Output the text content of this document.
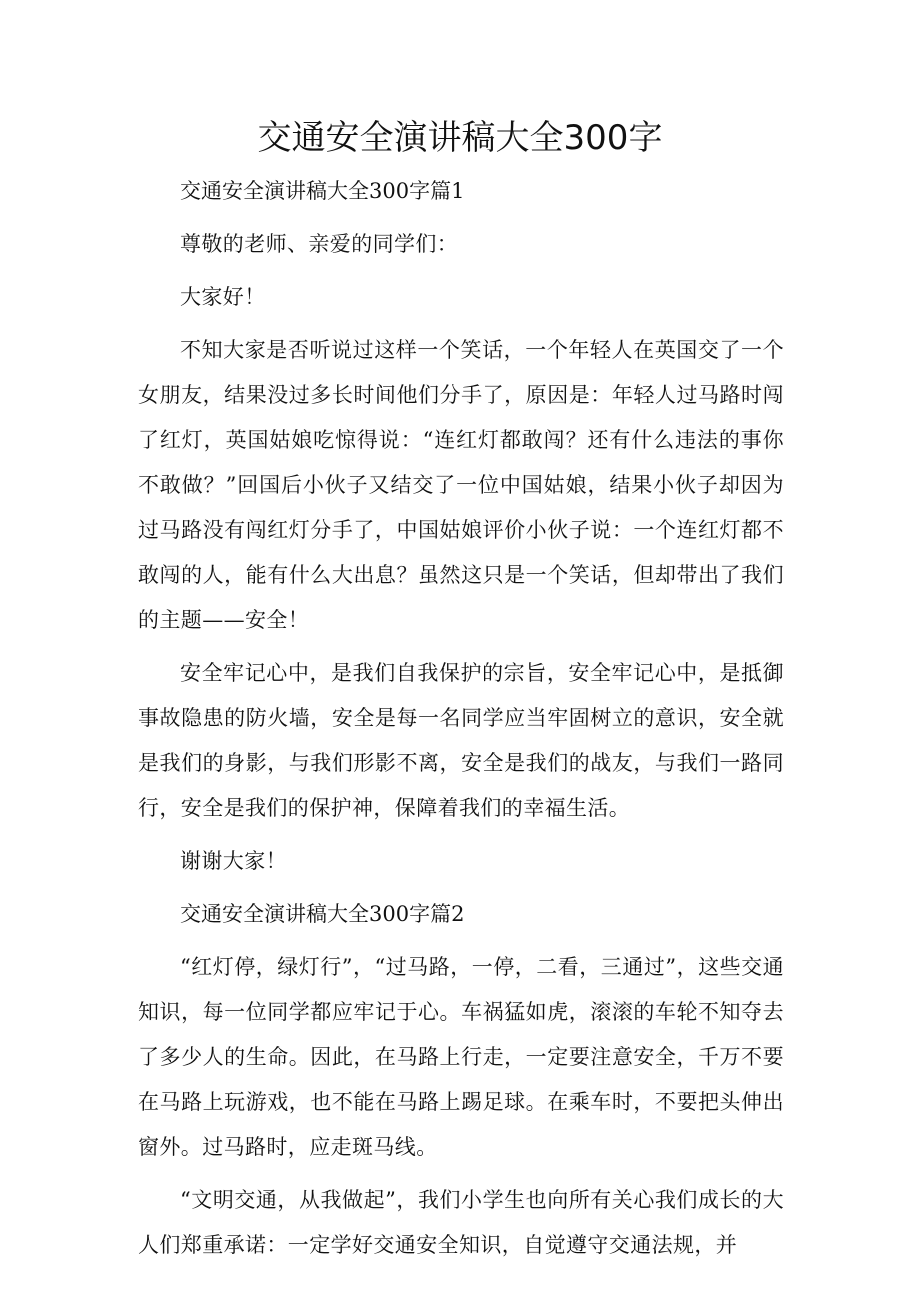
交通安全演讲稿大全300字

交通安全演讲稿大全300字篇1

尊敬的老师、亲爱的同学们：

大家好！

不知大家是否听说过这样一个笑话，一个年轻人在英国交了一个女朋友，结果没过多长时间他们分手了，原因是：年轻人过马路时闯了红灯，英国姑娘吃惊得说：“连红灯都敢闯？还有什么违法的事你不敢做？”回国后小伙子又结交了一位中国姑娘，结果小伙子却因为过马路没有闯红灯分手了，中国姑娘评价小伙子说：一个连红灯都不敢闯的人，能有什么大出息？虽然这只是一个笑话，但却带出了我们的主题——安全！

安全牢记心中，是我们自我保护的宗旨，安全牢记心中，是抵御事故隐患的防火墙，安全是每一名同学应当牢固树立的意识，安全就是我们的身影，与我们形影不离，安全是我们的战友，与我们一路同行，安全是我们的保护神，保障着我们的幸福生活。

谢谢大家！

交通安全演讲稿大全300字篇2

“红灯停，绿灯行”，“过马路，一停，二看，三通过”，这些交通知识，每一位同学都应牢记于心。车祸猛如虎，滚滚的车轮不知夺去了多少人的生命。因此，在马路上行走，一定要注意安全，千万不要在马路上玩游戏，也不能在马路上踢足球。在乘车时，不要把头伸出窗外。过马路时，应走斑马线。

“文明交通，从我做起”，我们小学生也向所有关心我们成长的大人们郑重承诺：一定学好交通安全知识，自觉遵守交通法规，并
